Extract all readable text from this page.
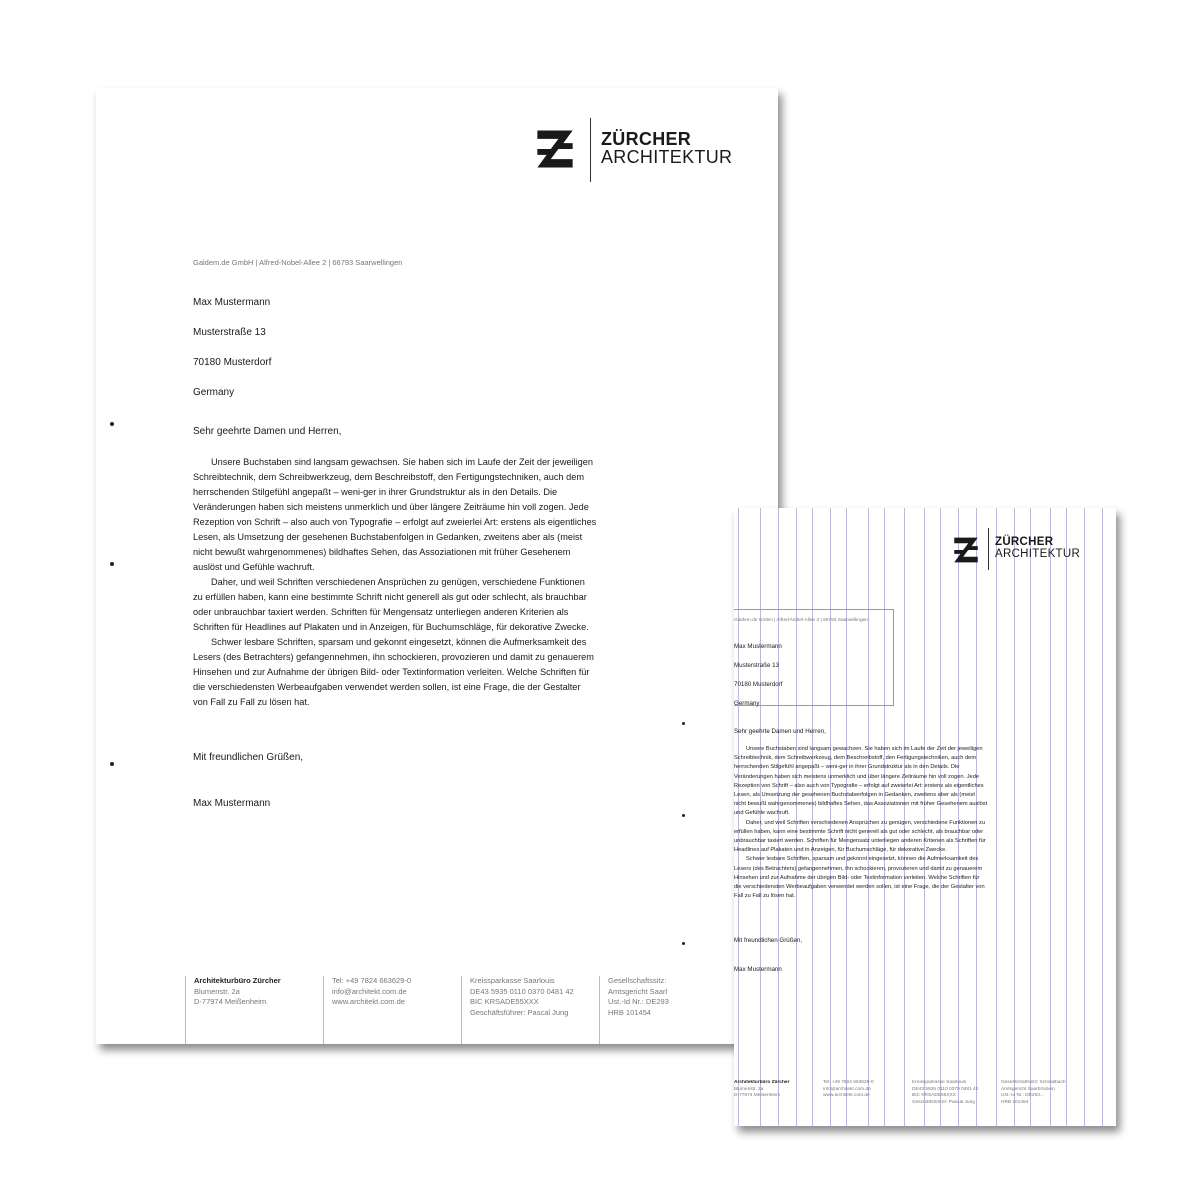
ZÜRCHER
ARCHITEKTUR
Galdem.de GmbH | Alfred-Nobel-Allee 2 | 66793 Saarwellingen

Max Mustermann

Musterstraße 13

70180 Musterdorf

Germany

Sehr geehrte Damen und Herren,

Unsere Buchstaben sind langsam gewachsen. Sie haben sich im Laufe der Zeit der jeweiligen Schreibtechnik, dem Schreibwerkzeug, dem Beschreibstoff, den Fertigungstechniken, auch dem herrschenden Stilgefühl angepaßt – weni-ger in ihrer Grundstruktur als in den Details. Die Veränderungen haben sich meistens unmerklich und über längere Zeiträume hin voll zogen. Jede Rezeption von Schrift – also auch von Typografie – erfolgt auf zweierlei Art: erstens als eigentliches Lesen, als Umsetzung der gesehenen Buchstabenfolgen in Gedanken, zweitens aber als (meist nicht bewußt wahrgenommenes) bildhaftes Sehen, das Assoziationen mit früher Gesehenem auslöst und Gefühle wachruft.

Daher, und weil Schriften verschiedenen Ansprüchen zu genügen, verschiedene Funktionen zu erfüllen haben, kann eine bestimmte Schrift nicht generell als gut oder schlecht, als brauchbar oder unbrauchbar taxiert werden. Schriften für Mengensatz unterliegen anderen Kriterien als Schriften für Headlines auf Plakaten und in Anzeigen, für Buchumschläge, für dekorative Zwecke.

Schwer lesbare Schriften, sparsam und gekonnt eingesetzt, können die Aufmerksamkeit des Lesers (des Betrachters) gefangennehmen, ihn schockieren, provozieren und damit zu genauerem Hinsehen und zur Aufnahme der übrigen Bild- oder Textinformation verleiten. Welche Schriften für die verschiedensten Werbeaufgaben verwendet werden sollen, ist eine Frage, die der Gestalter von Fall zu Fall zu lösen hat.

Mit freundlichen Grüßen,
Max Mustermann
Architekturbüro Zürcher
Blumenstr. 2a
D-77974 Meißenheim
Tel: +49 7824 663629-0
info@architekt.com.de
www.architekt.com.de
Kreissparkasse Saarlouis
DE43 5935 0110 0370 0481 42
BIC KRSADE55XXX
Geschäftsführer: Pascal Jung
Gesellschaftssitz:
Amtsgericht Saarl
Ust.-Id Nr.: DE293
HRB 101454
ZÜRCHER
ARCHITEKTUR
Galdem.de GmbH | Alfred-Nobel-Allee 2 | 66793 Saarwellingen

Max Mustermann

Musterstraße 13

70180 Musterdorf

Germany

Sehr geehrte Damen und Herren,

Unsere Buchstaben sind langsam gewachsen. Sie haben sich im Laufe der Zeit der jeweiligen Schreibtechnik, dem Schreibwerkzeug, dem Beschreibstoff, den Fertigungstechniken, auch dem herrschenden Stilgefühl angepaßt – weni-ger in ihrer Grundstruktur als in den Details. Die Veränderungen haben sich meistens unmerklich und über längere Zeiträume hin voll zogen. Jede Rezeption von Schrift – also auch von Typografie – erfolgt auf zweierlei Art: erstens als eigentliches Lesen, als Umsetzung der gesehenen Buchstabenfolgen in Gedanken, zweitens aber als (meist nicht bewußt wahrgenommenes) bildhaftes Sehen, das Assoziationen mit früher Gesehenem auslöst und Gefühle wachruft.

Daher, und weil Schriften verschiedenen Ansprüchen zu genügen, verschiedene Funktionen zu erfüllen haben, kann eine bestimmte Schrift nicht generell als gut oder schlecht, als brauchbar oder unbrauchbar taxiert werden. Schriften für Mengensatz unterliegen anderen Kriterien als Schriften für Headlines auf Plakaten und in Anzeigen, für Buchumschläge, für dekorative Zwecke.

Schwer lesbare Schriften, sparsam und gekonnt eingesetzt, können die Aufmerksamkeit des Lesers (des Betrachters) gefangennehmen, ihn schockieren, provozieren und damit zu genauerem Hinsehen und zur Aufnahme der übrigen Bild- oder Textinformation verleiten. Welche Schriften für die verschiedensten Werbeaufgaben verwendet werden sollen, ist eine Frage, die der Gestalter von Fall zu Fall zu lösen hat.

Mit freundlichen Grüßen,
Max Mustermann
Architekturbüro Zürcher
Blumenstr. 2a
D-77974 Meißenheim
Tel: +49 7824 663629-0
info@architekt.com.de
www.architekt.com.de
Kreissparkasse Saarlouis
DE43 5935 0110 0370 0481 42
BIC KRSADE55XXX
Geschäftsführer: Pascal Jung
Gesellschaftssitz: Schwalbach
Amtsgericht Saarbrücken
Ust.-Id Nr.: DE293...
HRB 101454
